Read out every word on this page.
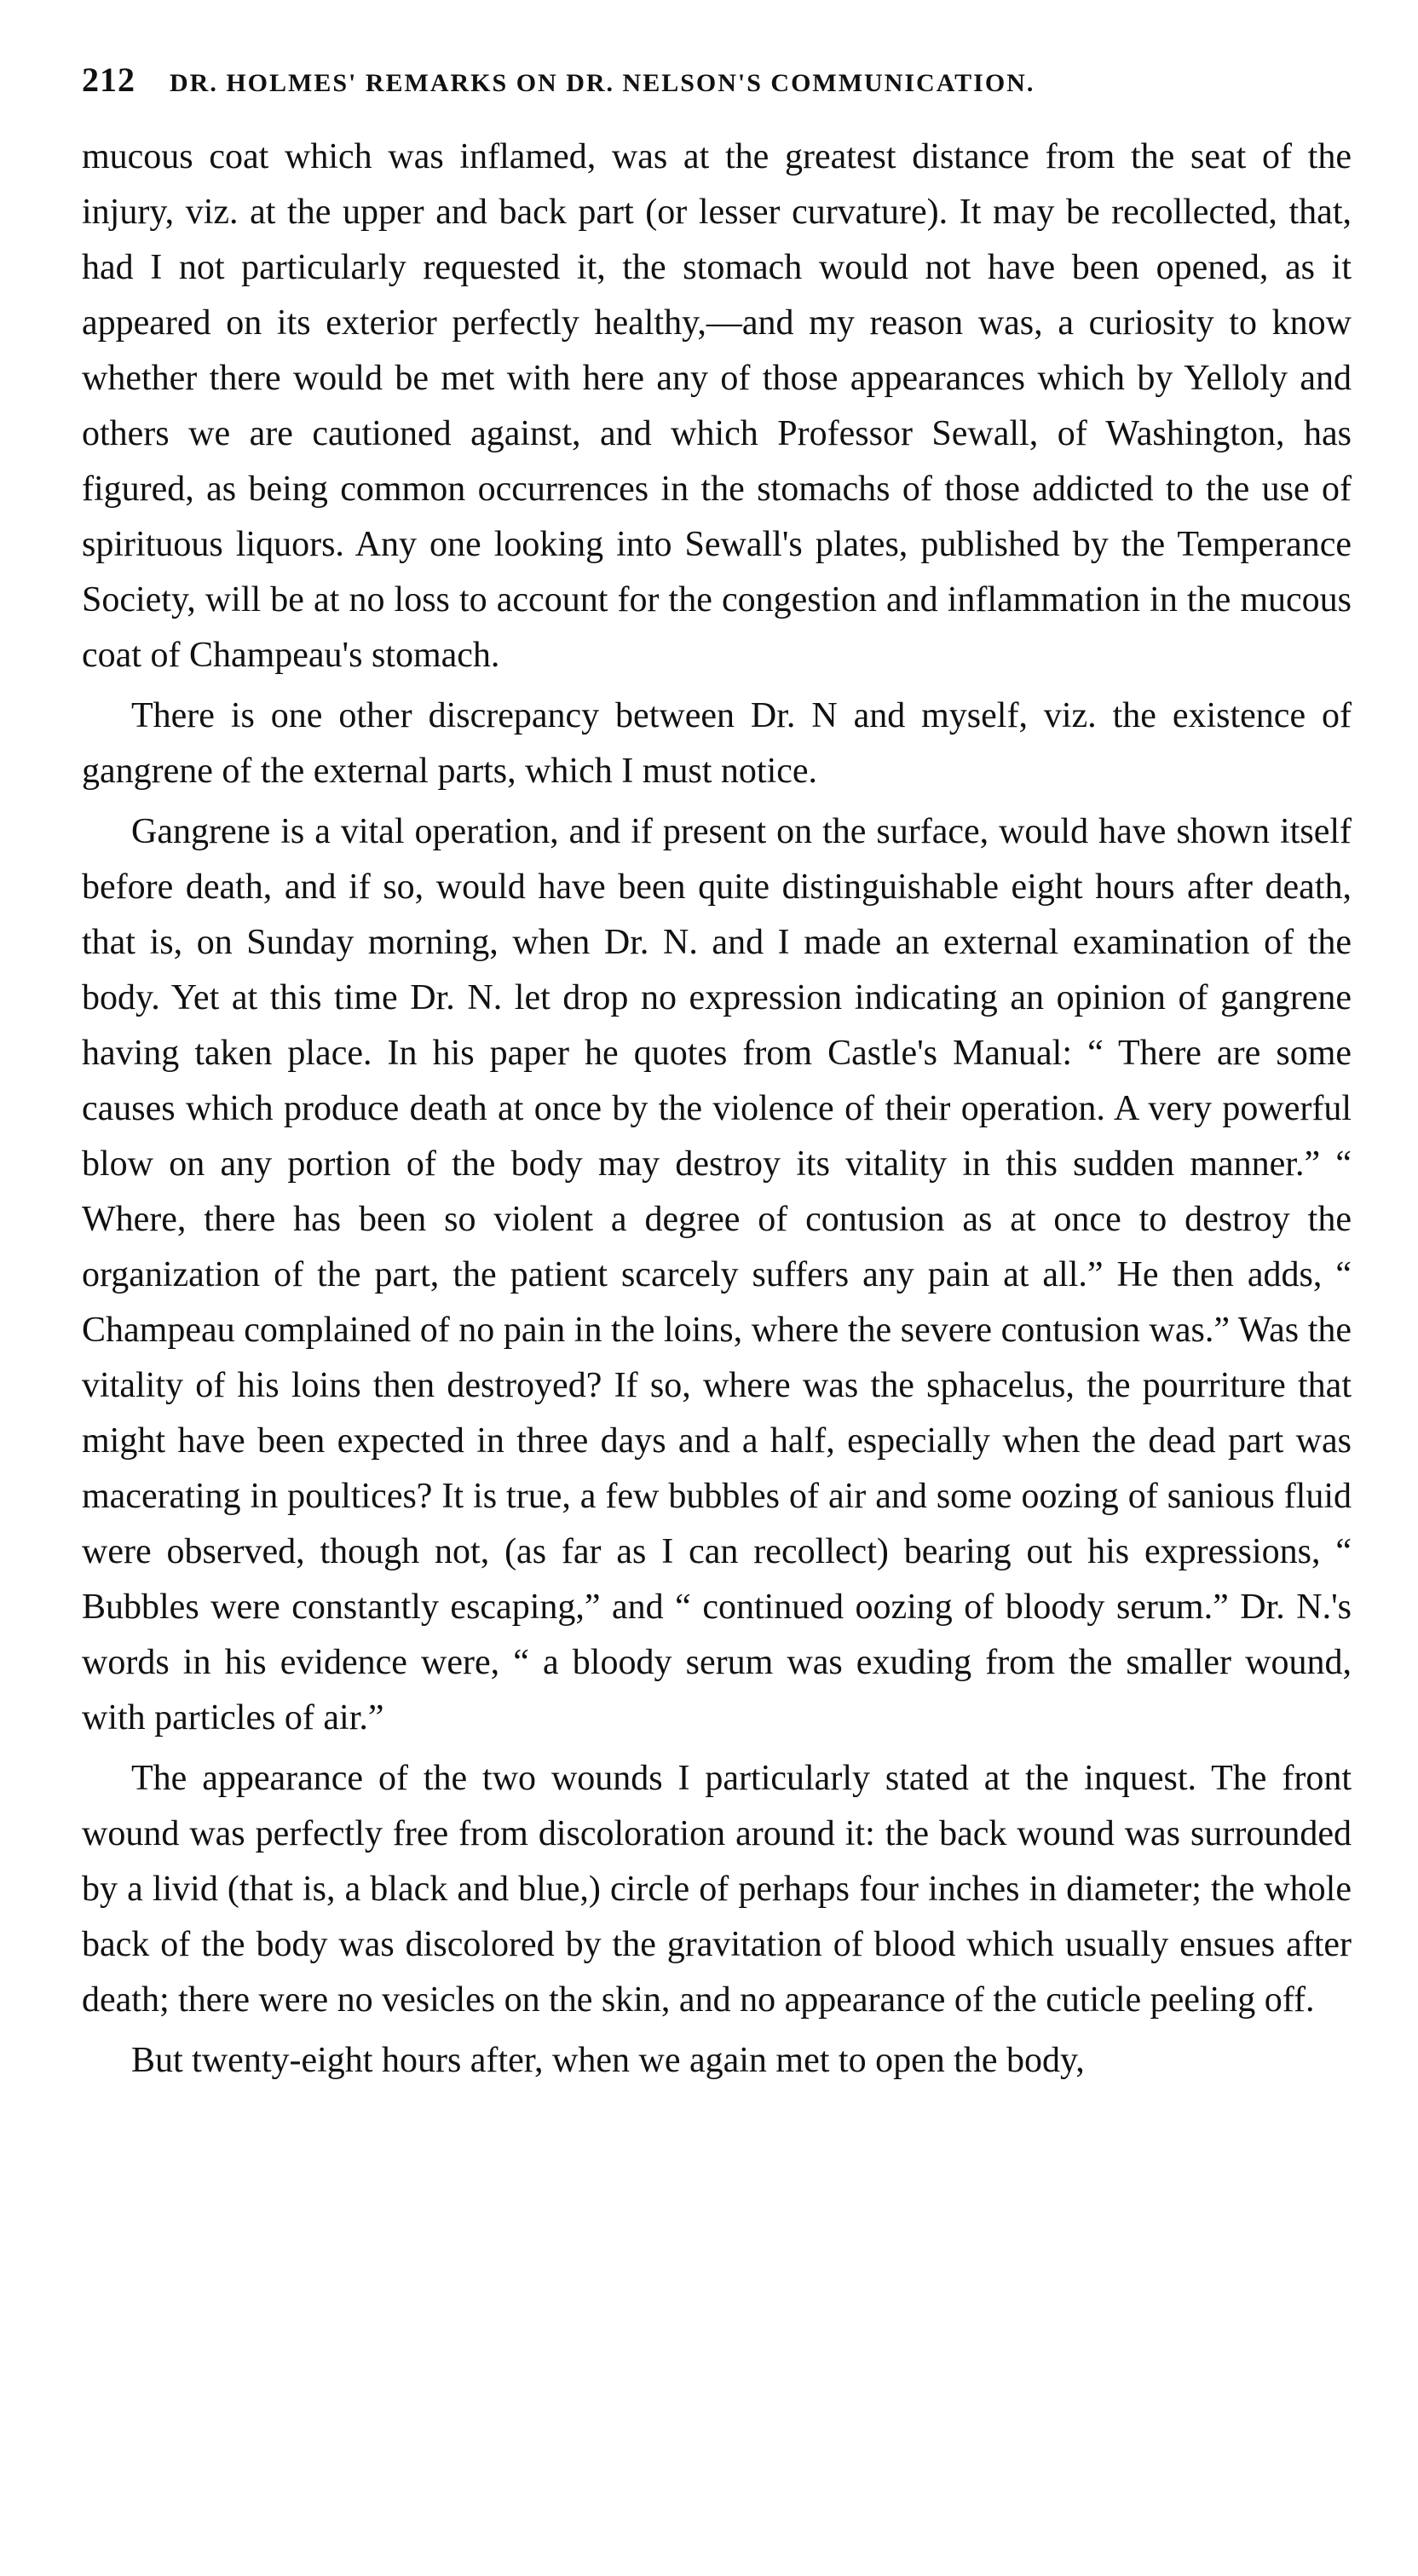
212 DR. HOLMES' REMARKS ON DR. NELSON'S COMMUNICATION.

mucous coat which was inflamed, was at the greatest distance from the seat of the injury, viz. at the upper and back part (or lesser curvature). It may be recollected, that, had I not particularly requested it, the stomach would not have been opened, as it appeared on its exterior perfectly healthy,—and my reason was, a curiosity to know whether there would be met with here any of those appearances which by Yelloly and others we are cautioned against, and which Professor Sewall, of Washington, has figured, as being common occurrences in the stomachs of those addicted to the use of spirituous liquors. Any one looking into Sewall's plates, published by the Temperance Society, will be at no loss to account for the congestion and inflammation in the mucous coat of Champeau's stomach.

There is one other discrepancy between Dr. N and myself, viz. the existence of gangrene of the external parts, which I must notice.

Gangrene is a vital operation, and if present on the surface, would have shown itself before death, and if so, would have been quite distinguishable eight hours after death, that is, on Sunday morning, when Dr. N. and I made an external examination of the body. Yet at this time Dr. N. let drop no expression indicating an opinion of gangrene having taken place. In his paper he quotes from Castle's Manual: “ There are some causes which produce death at once by the violence of their operation. A very powerful blow on any portion of the body may destroy its vitality in this sudden manner.” “ Where, there has been so violent a degree of contusion as at once to destroy the organization of the part, the patient scarcely suffers any pain at all.” He then adds, “ Champeau complained of no pain in the loins, where the severe contusion was.” Was the vitality of his loins then destroyed? If so, where was the sphacelus, the pourriture that might have been expected in three days and a half, especially when the dead part was macerating in poultices? It is true, a few bubbles of air and some oozing of sanious fluid were observed, though not, (as far as I can recollect) bearing out his expressions, “ Bubbles were constantly escaping,” and “ continued oozing of bloody serum.” Dr. N.'s words in his evidence were, “ a bloody serum was exuding from the smaller wound, with particles of air.”

The appearance of the two wounds I particularly stated at the inquest. The front wound was perfectly free from discoloration around it: the back wound was surrounded by a livid (that is, a black and blue,) circle of perhaps four inches in diameter; the whole back of the body was discolored by the gravitation of blood which usually ensues after death; there were no vesicles on the skin, and no appearance of the cuticle peeling off.

But twenty-eight hours after, when we again met to open the body,
